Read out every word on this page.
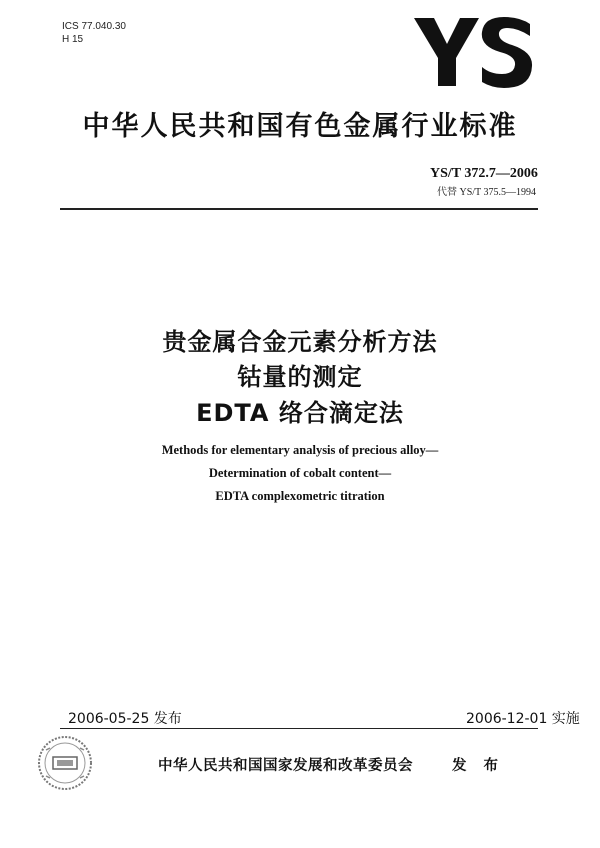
ICS 77.040.30
H 15
中华人民共和国有色金属行业标准
YS/T 372.7—2006
代替 YS/T 375.5—1994
贵金属合金元素分析方法
钴量的测定
EDTA 络合滴定法
Methods for elementary analysis of precious alloy—
Determination of cobalt content—
EDTA complexometric titration
2006-05-25 发布	2006-12-01 实施
中华人民共和国国家发展和改革委员会	发 布
